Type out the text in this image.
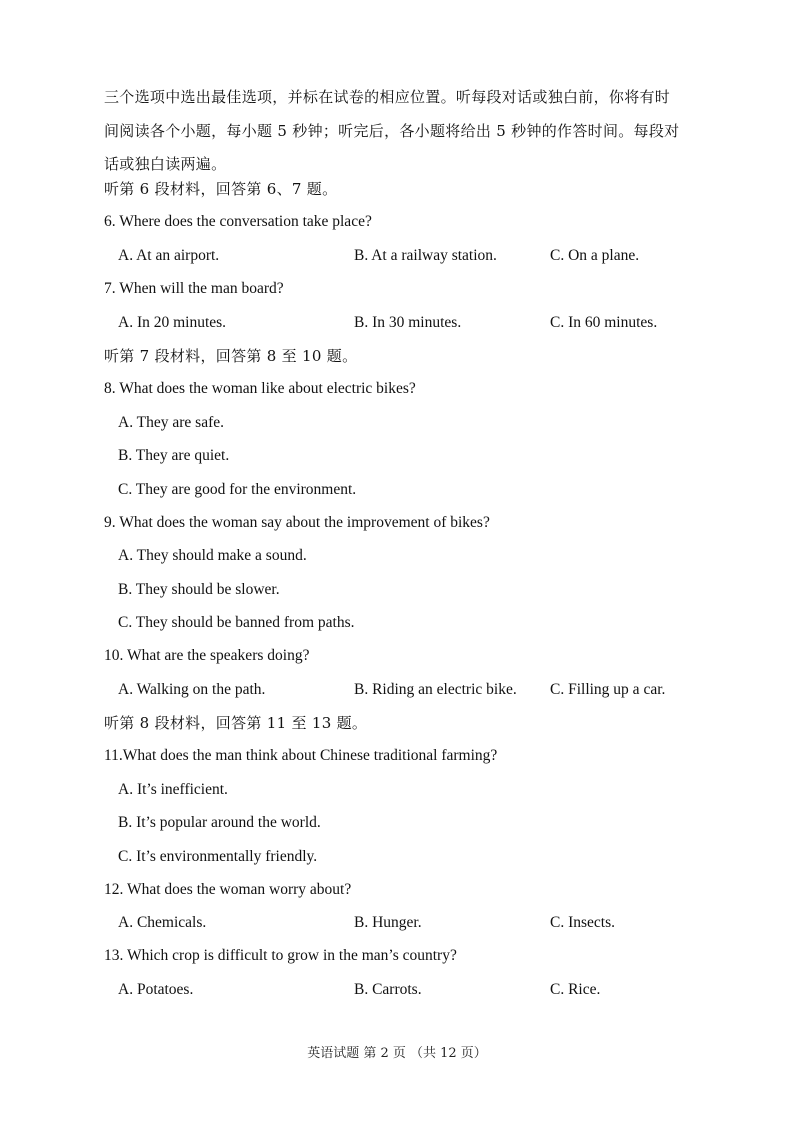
三个选项中选出最佳选项，并标在试卷的相应位置。听每段对话或独白前，你将有时
间阅读各个小题，每小题 5 秒钟；听完后，各小题将给出 5 秒钟的作答时间。每段对
话或独白读两遍。
听第 6 段材料，回答第 6、7 题。
6. Where does the conversation take place?
A. At an airport.	B. At a railway station.	C. On a plane.
7. When will the man board?
A. In 20 minutes.	B. In 30 minutes.	C. In 60 minutes.
听第 7 段材料，回答第 8 至 10 题。
8. What does the woman like about electric bikes?
A. They are safe.
B. They are quiet.
C. They are good for the environment.
9. What does the woman say about the improvement of bikes?
A. They should make a sound.
B. They should be slower.
C. They should be banned from paths.
10. What are the speakers doing?
A. Walking on the path.	B. Riding an electric bike. C. Filling up a car.
听第 8 段材料，回答第 11 至 13 题。
11.What does the man think about Chinese traditional farming?
A. It’s inefficient.
B. It’s popular around the world.
C. It’s environmentally friendly.
12. What does the woman worry about?
A. Chemicals.	B. Hunger.	C. Insects.
13. Which crop is difficult to grow in the man’s country?
A. Potatoes.	B. Carrots.	C. Rice.
英语试题 第 2 页 （共 12 页）
